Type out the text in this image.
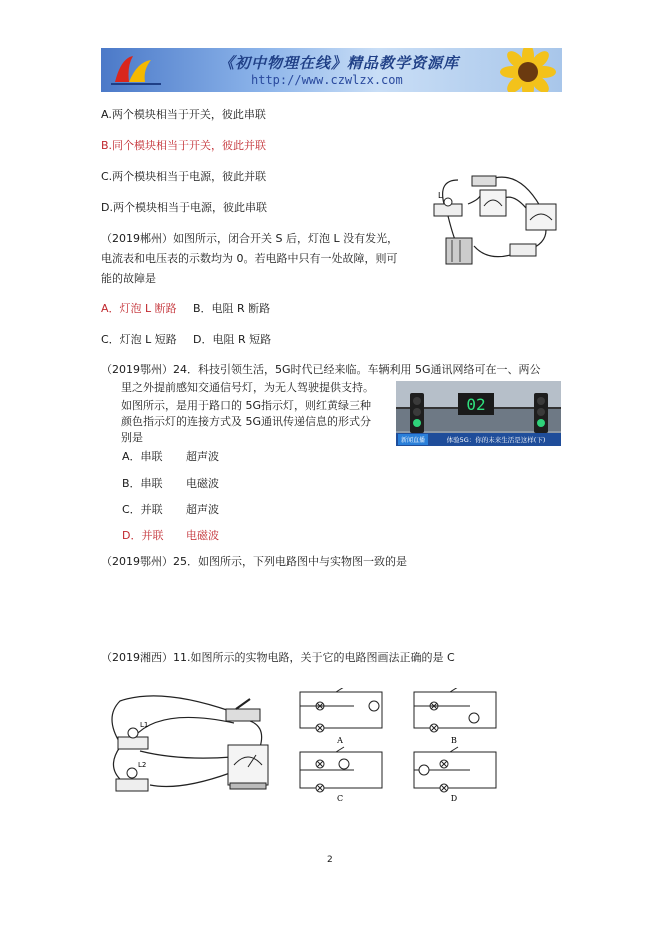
《初中物理在线》精品教学资源库
http://www.czwlzx.com
A.两个模块相当于开关，彼此串联
B.同个模块相当于开关，彼此并联
C.两个模块相当于电源，彼此并联
D.两个模块相当于电源，彼此串联
（2019郴州）如图所示，闭合开关 S 后，灯泡 L 没有发光，
电流表和电压表的示数均为 0。若电路中只有一处故障，则可
能的故障是
A．灯泡 L 断路 B．电阻 R 断路
C．灯泡 L 短路 D．电阻 R 短路
L
（2019鄂州）24．科技引领生活，5G时代已经来临。车辆利用 5G通讯网络可在一、两公
里之外提前感知交通信号灯，为无人驾驶提供支持。
如图所示，是用于路口的 5G指示灯，则红黄绿三种
颜色指示灯的连接方式及 5G通讯传递信息的形式分
别是
02
新闻直播	体验5G：你的未来生活是这样(下)
A．串联 超声波
B．串联 电磁波
C．并联 超声波
D．并联 电磁波
（2019鄂州）25．如图所示，下列电路图中与实物图一致的是
（2019湘西）11.如图所示的实物电路，关于它的电路图画法正确的是 C
L1
L2
A	B
C	D
2
